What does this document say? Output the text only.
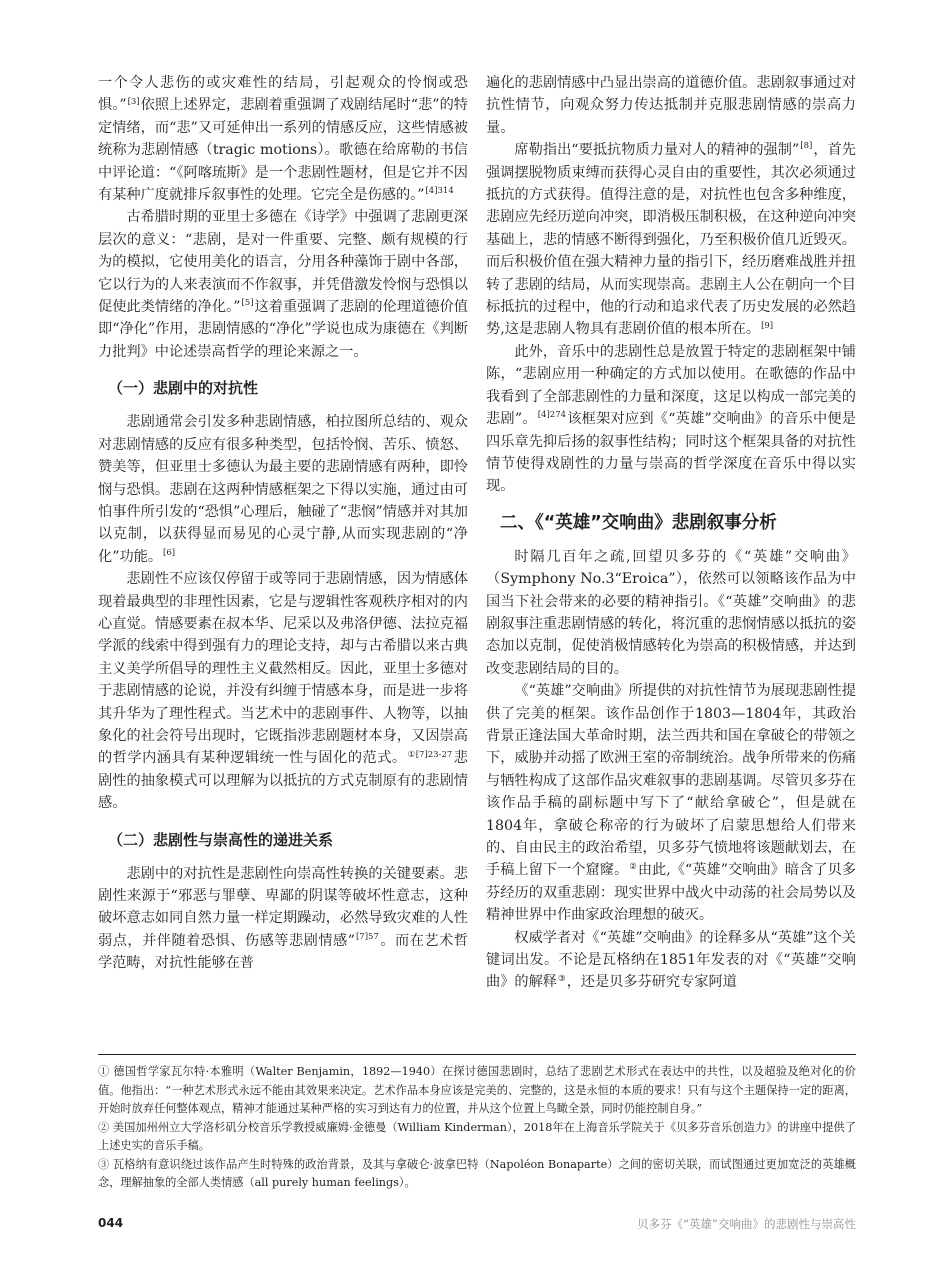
一个令人悲伤的或灾难性的结局，引起观众的怜悯或恐惧。”[3]依照上述界定，悲剧着重强调了戏剧结尾时“悲”的特定情绪，而“悲”又可延伸出一系列的情感反应，这些情感被统称为悲剧情感（tragic motions）。歌德在给席勒的书信中评论道：“《阿喀琉斯》是一个悲剧性题材，但是它并不因有某种广度就排斥叙事性的处理。它完全是伤感的。”$^{[4]314}$

古希腊时期的亚里士多德在《诗学》中强调了悲剧更深层次的意义：“悲剧，是对一件重要、完整、颇有规模的行为的模拟，它使用美化的语言，分用各种藻饰于剧中各部，它以行为的人来表演而不作叙事，并凭借激发怜悯与恐惧以促使此类情绪的净化。”[5]这着重强调了悲剧的伦理道德价值即“净化”作用，悲剧情感的“净化”学说也成为康德在《判断力批判》中论述崇高哲学的理论来源之一。

（一）悲剧中的对抗性

悲剧通常会引发多种悲剧情感，柏拉图所总结的、观众对悲剧情感的反应有很多种类型，包括怜悯、苦乐、愤怒、赞美等，但亚里士多德认为最主要的悲剧情感有两种，即怜悯与恐惧。悲剧在这两种情感框架之下得以实施，通过由可怕事件所引发的“恐惧”心理后，触碰了“悲悯”情感并对其加以克制，以获得显而易见的心灵宁静,从而实现悲剧的“净化”功能。[6]

悲剧性不应该仅停留于或等同于悲剧情感，因为情感体现着最典型的非理性因素，它是与逻辑性客观秩序相对的内心直觉。情感要素在叔本华、尼采以及弗洛伊德、法拉克福学派的线索中得到强有力的理论支持，却与古希腊以来古典主义美学所倡导的理性主义截然相反。因此，亚里士多德对于悲剧情感的论说，并没有纠缠于情感本身，而是进一步将其升华为了理性程式。当艺术中的悲剧事件、人物等，以抽象化的社会符号出现时，它既指涉悲剧题材本身，又因崇高的哲学内涵具有某种逻辑统一性与固化的范式。$^{①[7]23-27}$悲剧性的抽象模式可以理解为以抵抗的方式克制原有的悲剧情感。

（二）悲剧性与崇高性的递进关系

悲剧中的对抗性是悲剧性向崇高性转换的关键要素。悲剧性来源于“邪恶与罪孽、卑鄙的阴谋等破坏性意志，这种破坏意志如同自然力量一样定期躁动，必然导致灾难的人性弱点，并伴随着恐惧、伤感等悲剧情感”$^{[7]57}$。而在艺术哲学范畴，对抗性能够在普

遍化的悲剧情感中凸显出崇高的道德价值。悲剧叙事通过对抗性情节，向观众努力传达抵制并克服悲剧情感的崇高力量。

席勒指出“要抵抗物质力量对人的精神的强制”[8]，首先强调摆脱物质束缚而获得心灵自由的重要性，其次必须通过抵抗的方式获得。值得注意的是，对抗性也包含多种维度，悲剧应先经历逆向冲突，即消极压制积极，在这种逆向冲突基础上，悲的情感不断得到强化，乃至积极价值几近毁灭。而后积极价值在强大精神力量的指引下，经历磨难战胜并扭转了悲剧的结局，从而实现崇高。悲剧主人公在朝向一个目标抵抗的过程中，他的行动和追求代表了历史发展的必然趋势,这是悲剧人物具有悲剧价值的根本所在。[9]

此外，音乐中的悲剧性总是放置于特定的悲剧框架中铺陈，“悲剧应用一种确定的方式加以使用。在歌德的作品中我看到了全部悲剧性的力量和深度，这足以构成一部完美的悲剧”。$^{[4]274}$该框架对应到《“英雄”交响曲》的音乐中便是四乐章先抑后扬的叙事性结构；同时这个框架具备的对抗性情节使得戏剧性的力量与崇高的哲学深度在音乐中得以实现。

二、《“英雄”交响曲》悲剧叙事分析

时隔几百年之疏,回望贝多芬的《“英雄”交响曲》（Symphony No.3“Eroica”），依然可以领略该作品为中国当下社会带来的必要的精神指引。《“英雄”交响曲》的悲剧叙事注重悲剧情感的转化，将沉重的悲悯情感以抵抗的姿态加以克制，促使消极情感转化为崇高的积极情感，并达到改变悲剧结局的目的。

《“英雄”交响曲》所提供的对抗性情节为展现悲剧性提供了完美的框架。该作品创作于1803—1804年，其政治背景正逢法国大革命时期，法兰西共和国在拿破仑的带领之下，威胁并动摇了欧洲王室的帝制统治。战争所带来的伤痛与牺牲构成了这部作品灾难叙事的悲剧基调。尽管贝多芬在该作品手稿的副标题中写下了“献给拿破仑”，但是就在1804年，拿破仑称帝的行为破坏了启蒙思想给人们带来的、自由民主的政治希望，贝多芬气愤地将该题献划去，在手稿上留下一个窟窿。②由此,《“英雄”交响曲》暗含了贝多芬经历的双重悲剧：现实世界中战火中动荡的社会局势以及精神世界中作曲家政治理想的破灭。

权威学者对《“英雄”交响曲》的诠释多从“英雄”这个关键词出发。不论是瓦格纳在1851年发表的对《“英雄”交响曲》的解释③，还是贝多芬研究专家阿道

① 德国哲学家瓦尔特·本雅明（Walter Benjamin，1892—1940）在探讨德国悲剧时，总结了悲剧艺术形式在表达中的共性，以及超验及绝对化的价值。他指出：“一种艺术形式永远不能由其效果来决定。艺术作品本身应该是完美的、完整的，这是永恒的本质的要求！只有与这个主题保持一定的距离，开始时放弃任何整体观点，精神才能通过某种严格的实习到达有力的位置，并从这个位置上鸟瞰全景，同时仍能控制自身。”

② 美国加州州立大学洛杉矶分校音乐学教授威廉姆·金德曼（William Kinderman），2018年在上海音乐学院关于《贝多芬音乐创造力》的讲座中提供了上述史实的音乐手稿。

③ 瓦格纳有意识绕过该作品产生时特殊的政治背景，及其与拿破仑·波拿巴特（Napoléon Bonaparte）之间的密切关联，而试图通过更加宽泛的英雄概念，理解抽象的全部人类情感（all purely human feelings）。

044	贝多芬《“英雄”交响曲》的悲剧性与崇高性
